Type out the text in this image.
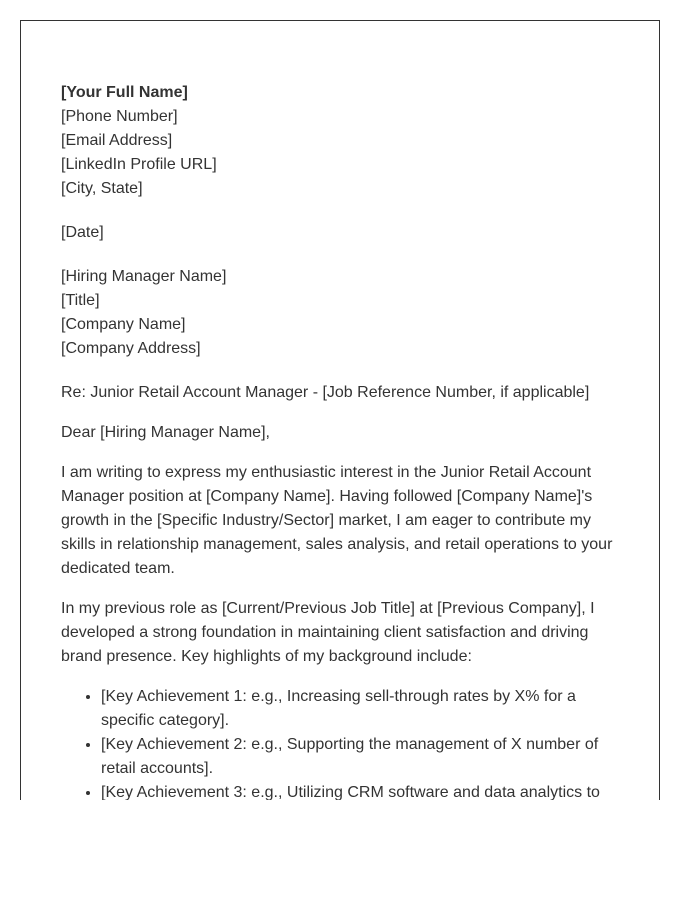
[Your Full Name]
[Phone Number]
[Email Address]
[LinkedIn Profile URL]
[City, State]
[Date]
[Hiring Manager Name]
[Title]
[Company Name]
[Company Address]

Re: Junior Retail Account Manager - [Job Reference Number, if applicable]

Dear [Hiring Manager Name],

I am writing to express my enthusiastic interest in the Junior Retail Account Manager position at [Company Name]. Having followed [Company Name]'s growth in the [Specific Industry/Sector] market, I am eager to contribute my skills in relationship management, sales analysis, and retail operations to your dedicated team.

In my previous role as [Current/Previous Job Title] at [Previous Company], I developed a strong foundation in maintaining client satisfaction and driving brand presence. Key highlights of my background include:

• [Key Achievement 1: e.g., Increasing sell-through rates by X% for a specific category].
• [Key Achievement 2: e.g., Supporting the management of X number of retail accounts].
• [Key Achievement 3: e.g., Utilizing CRM software and data analytics to
